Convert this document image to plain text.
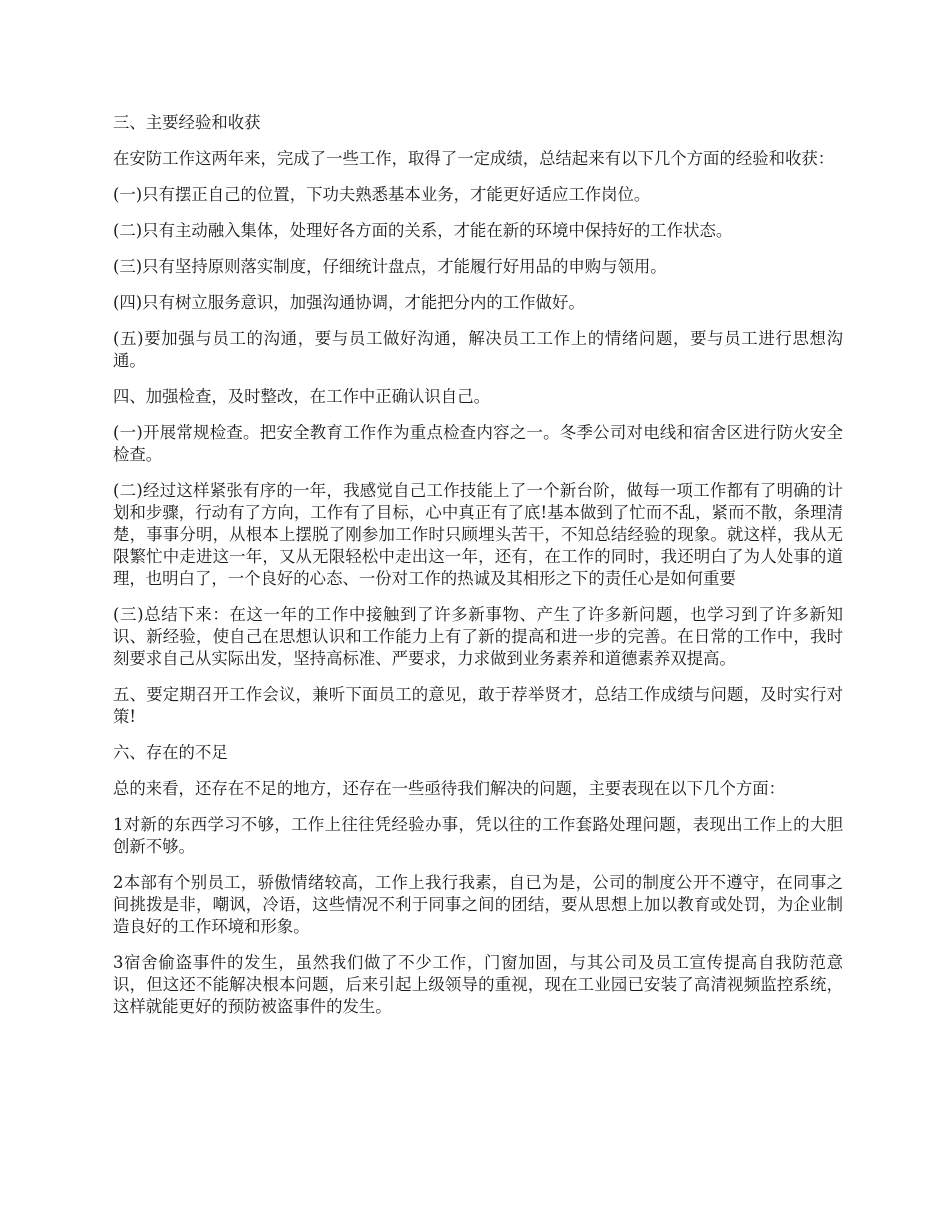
三、主要经验和收获

在安防工作这两年来，完成了一些工作，取得了一定成绩，总结起来有以下几个方面的经验和收获：

(一)只有摆正自己的位置，下功夫熟悉基本业务，才能更好适应工作岗位。

(二)只有主动融入集体，处理好各方面的关系，才能在新的环境中保持好的工作状态。

(三)只有坚持原则落实制度，仔细统计盘点，才能履行好用品的申购与领用。

(四)只有树立服务意识，加强沟通协调，才能把分内的工作做好。

(五)要加强与员工的沟通，要与员工做好沟通，解决员工工作上的情绪问题，要与员工进行思想沟通。

四、加强检查，及时整改，在工作中正确认识自己。

(一)开展常规检查。把安全教育工作作为重点检查内容之一。冬季公司对电线和宿舍区进行防火安全检查。

(二)经过这样紧张有序的一年，我感觉自己工作技能上了一个新台阶，做每一项工作都有了明确的计划和步骤，行动有了方向，工作有了目标，心中真正有了底!基本做到了忙而不乱，紧而不散，条理清楚，事事分明，从根本上摆脱了刚参加工作时只顾埋头苦干，不知总结经验的现象。就这样，我从无限繁忙中走进这一年，又从无限轻松中走出这一年，还有，在工作的同时，我还明白了为人处事的道理，也明白了，一个良好的心态、一份对工作的热诚及其相形之下的责任心是如何重要

(三)总结下来：在这一年的工作中接触到了许多新事物、产生了许多新问题，也学习到了许多新知识、新经验，使自己在思想认识和工作能力上有了新的提高和进一步的完善。在日常的工作中，我时刻要求自己从实际出发，坚持高标准、严要求，力求做到业务素养和道德素养双提高。

五、要定期召开工作会议，兼听下面员工的意见，敢于荐举贤才，总结工作成绩与问题，及时实行对策!

六、存在的不足

总的来看，还存在不足的地方，还存在一些亟待我们解决的问题，主要表现在以下几个方面：

1对新的东西学习不够，工作上往往凭经验办事，凭以往的工作套路处理问题，表现出工作上的大胆创新不够。

2本部有个别员工，骄傲情绪较高，工作上我行我素，自已为是，公司的制度公开不遵守，在同事之间挑拨是非，嘲讽，冷语，这些情况不利于同事之间的团结，要从思想上加以教育或处罚，为企业制造良好的工作环境和形象。

3宿舍偷盗事件的发生，虽然我们做了不少工作，门窗加固，与其公司及员工宣传提高自我防范意识，但这还不能解决根本问题，后来引起上级领导的重视，现在工业园已安装了高清视频监控系统，这样就能更好的预防被盗事件的发生。
